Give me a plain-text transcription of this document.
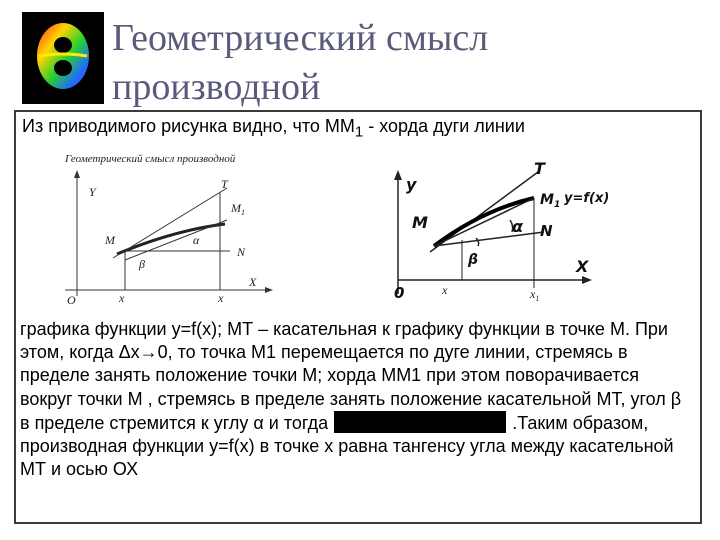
Геометрический смысл
производной
Из приводимого рисунка видно, что $ММ_1$ - хорда дуги линии
Геометрический смысл производной
Y
T
$M_1$
M	α
N
β
X
O	x	x
y
T
$M_1$ y=f(x)
M	α N
β	X
0	x	$x_1$

графика функции y=f(x); МТ – касательная к графику функции в точке М. При этом, когда Δx→0, то точка М1 перемещается по дуге линии, стремясь в пределе занять положение точки М; хорда ММ1 при этом поворачивается вокруг точки М , стремясь в пределе занять положение касательной МТ, угол β в пределе стремится к углу α и тогда	.Таким образом, производная функции y=f(x) в точке x равна тангенсу угла между касательной МТ и осью ОХ
